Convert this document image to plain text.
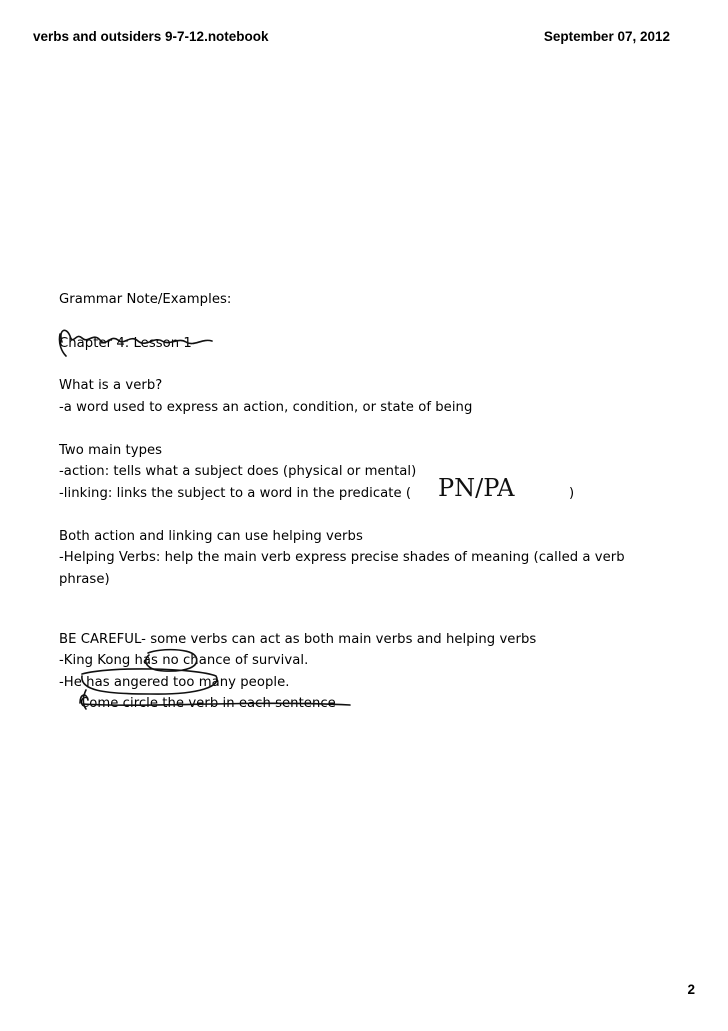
verbs and outsiders 9-7-12.notebook	September 07, 2012
Grammar Note/Examples:
Chapter 4: Lesson 1
What is a verb?
-a word used to express an action, condition, or state of being
Two main types
-action: tells what a subject does (physical or mental)
-linking: links the subject to a word in the predicate (	)
Both action and linking can use helping verbs
-Helping Verbs: help the main verb express precise shades of meaning (called a verb
phrase)
BE CAREFUL- some verbs can act as both main verbs and helping verbs
-King Kong has no chance of survival.
-He has angered too many people.
Come circle the verb in each sentence
PN/PA
2
